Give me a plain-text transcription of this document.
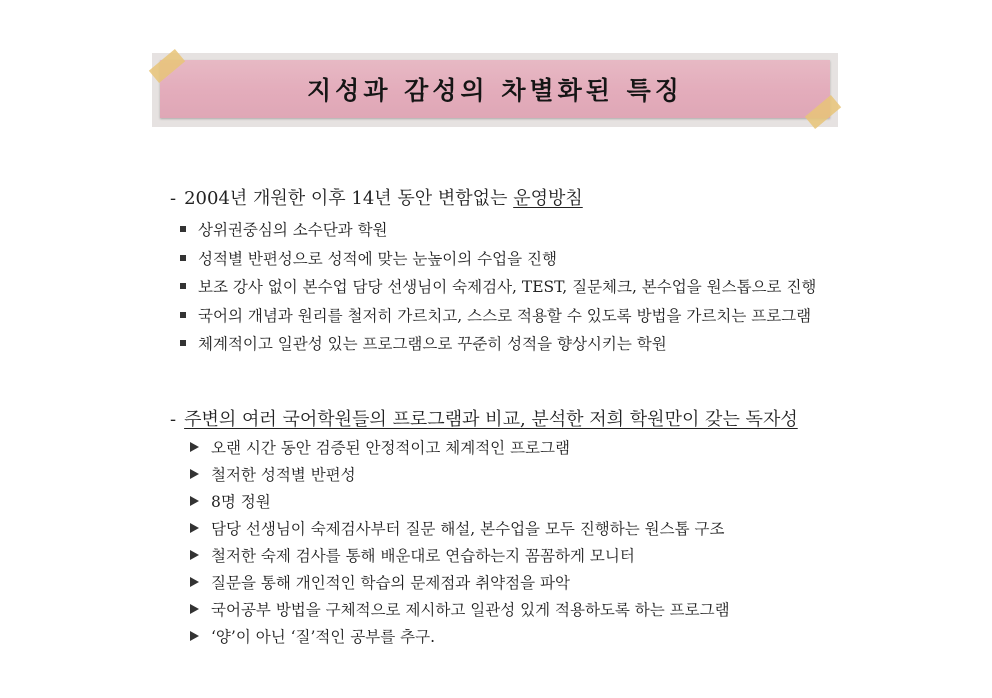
지성과 감성의 차별화된 특징
- 2004년 개원한 이후 14년 동안 변함없는 운영방침
상위권중심의 소수단과 학원
성적별 반편성으로 성적에 맞는 눈높이의 수업을 진행
보조 강사 없이 본수업 담당 선생님이 숙제검사, TEST, 질문체크, 본수업을 원스톱으로 진행
국어의 개념과 원리를 철저히 가르치고, 스스로 적용할 수 있도록 방법을 가르치는 프로그램
체계적이고 일관성 있는 프로그램으로 꾸준히 성적을 향상시키는 학원
- 주변의 여러 국어학원들의 프로그램과 비교, 분석한 저희 학원만이 갖는 독자성
오랜 시간 동안 검증된 안정적이고 체계적인 프로그램
철저한 성적별 반편성
8명 정원
담당 선생님이 숙제검사부터 질문 해설, 본수업을 모두 진행하는 원스톱 구조
철저한 숙제 검사를 통해 배운대로 연습하는지 꼼꼼하게 모니터
질문을 통해 개인적인 학습의 문제점과 취약점을 파악
국어공부 방법을 구체적으로 제시하고 일관성 있게 적용하도록 하는 프로그램
‘양’이 아닌 ‘질’적인 공부를 추구.
